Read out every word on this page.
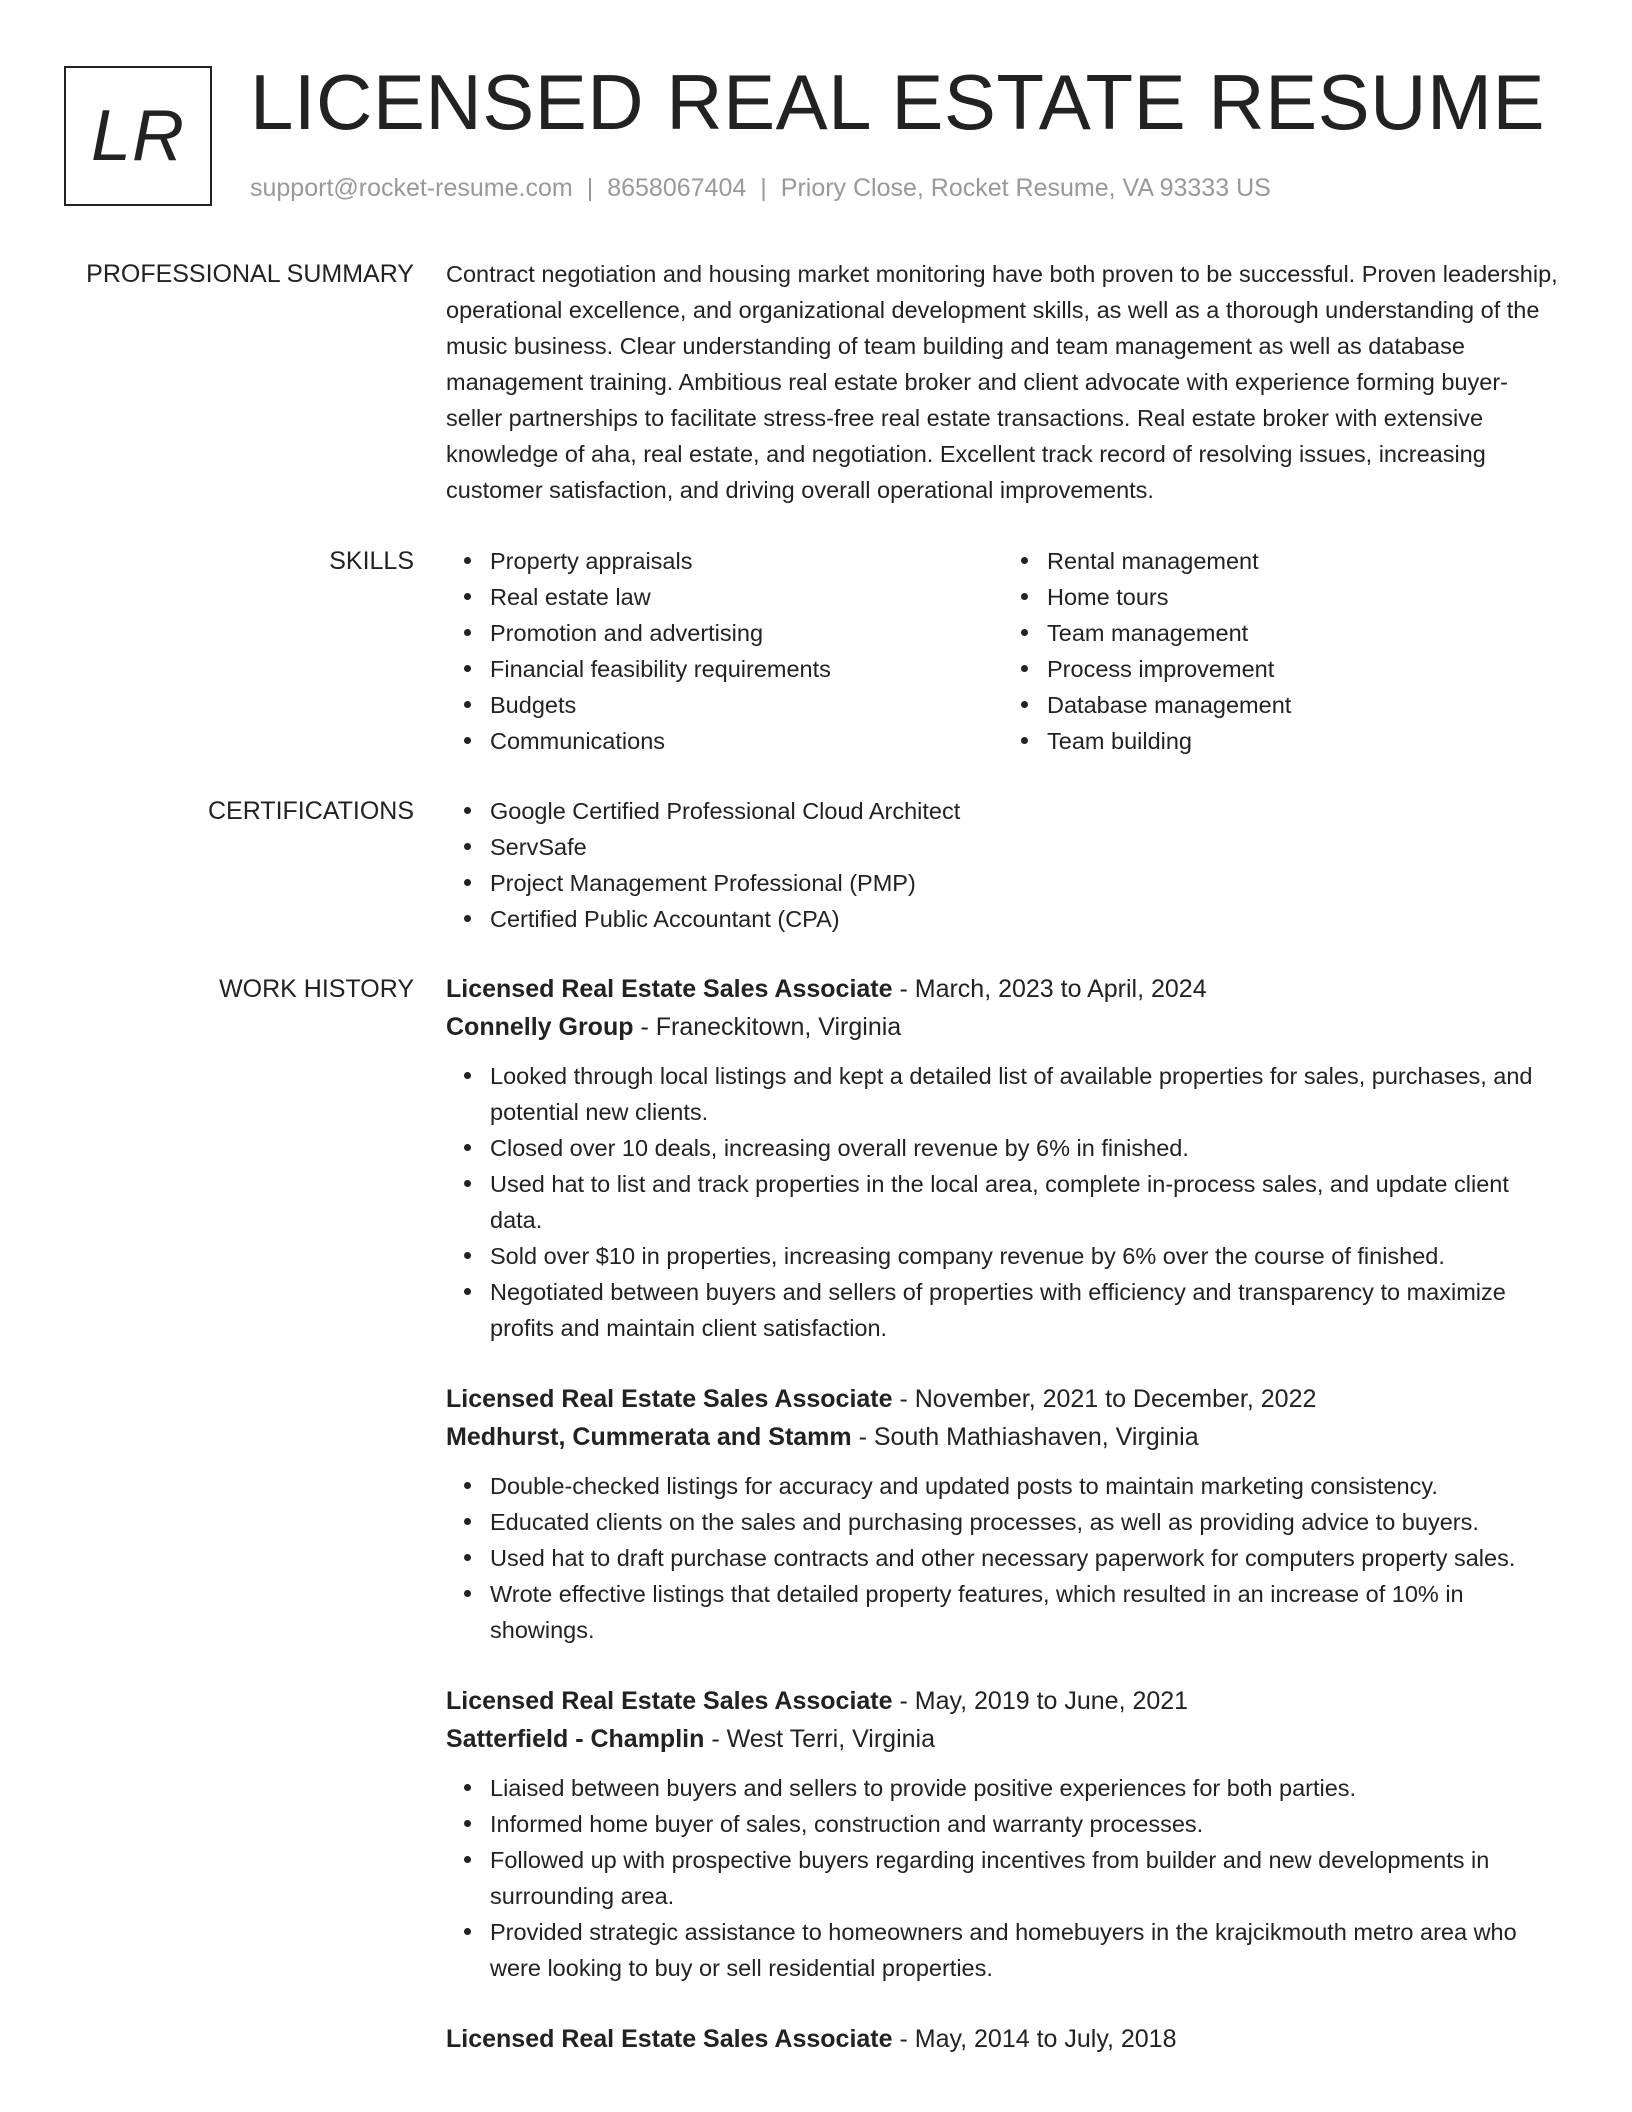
LR LICENSED REAL ESTATE RESUME
support@rocket-resume.com | 8658067404 | Priory Close, Rocket Resume, VA 93333 US
PROFESSIONAL SUMMARY Contract negotiation and housing market monitoring have both proven to be successful. Proven leadership, operational excellence, and organizational development skills, as well as a thorough understanding of the music business. Clear understanding of team building and team management as well as database management training. Ambitious real estate broker and client advocate with experience forming buyer-seller partnerships to facilitate stress-free real estate transactions. Real estate broker with extensive knowledge of aha, real estate, and negotiation. Excellent track record of resolving issues, increasing customer satisfaction, and driving overall operational improvements.

SKILLS	Property appraisals
Real estate law
Promotion and advertising
Financial feasibility requirements
Budgets
Communications
Rental management
Home tours
Team management
Process improvement
Database management
Team building
CERTIFICATIONS	Google Certified Professional Cloud Architect
ServSafe
Project Management Professional (PMP)
Certified Public Accountant (CPA)
WORK HISTORY Licensed Real Estate Sales Associate - March, 2023 to April, 2024
Connelly Group - Franeckitown, Virginia
Looked through local listings and kept a detailed list of available properties for sales, purchases, and potential new clients.
Closed over 10 deals, increasing overall revenue by 6% in finished.
Used hat to list and track properties in the local area, complete in-process sales, and update client data.
Sold over $10 in properties, increasing company revenue by 6% over the course of finished.
Negotiated between buyers and sellers of properties with efficiency and transparency to maximize profits and maintain client satisfaction.
Licensed Real Estate Sales Associate - November, 2021 to December, 2022
Medhurst, Cummerata and Stamm - South Mathiashaven, Virginia
Double-checked listings for accuracy and updated posts to maintain marketing consistency.
Educated clients on the sales and purchasing processes, as well as providing advice to buyers.
Used hat to draft purchase contracts and other necessary paperwork for computers property sales.
Wrote effective listings that detailed property features, which resulted in an increase of 10% in showings.
Licensed Real Estate Sales Associate - May, 2019 to June, 2021
Satterfield - Champlin - West Terri, Virginia
Liaised between buyers and sellers to provide positive experiences for both parties.
Informed home buyer of sales, construction and warranty processes.
Followed up with prospective buyers regarding incentives from builder and new developments in surrounding area.
Provided strategic assistance to homeowners and homebuyers in the krajcikmouth metro area who were looking to buy or sell residential properties.
Licensed Real Estate Sales Associate - May, 2014 to July, 2018
